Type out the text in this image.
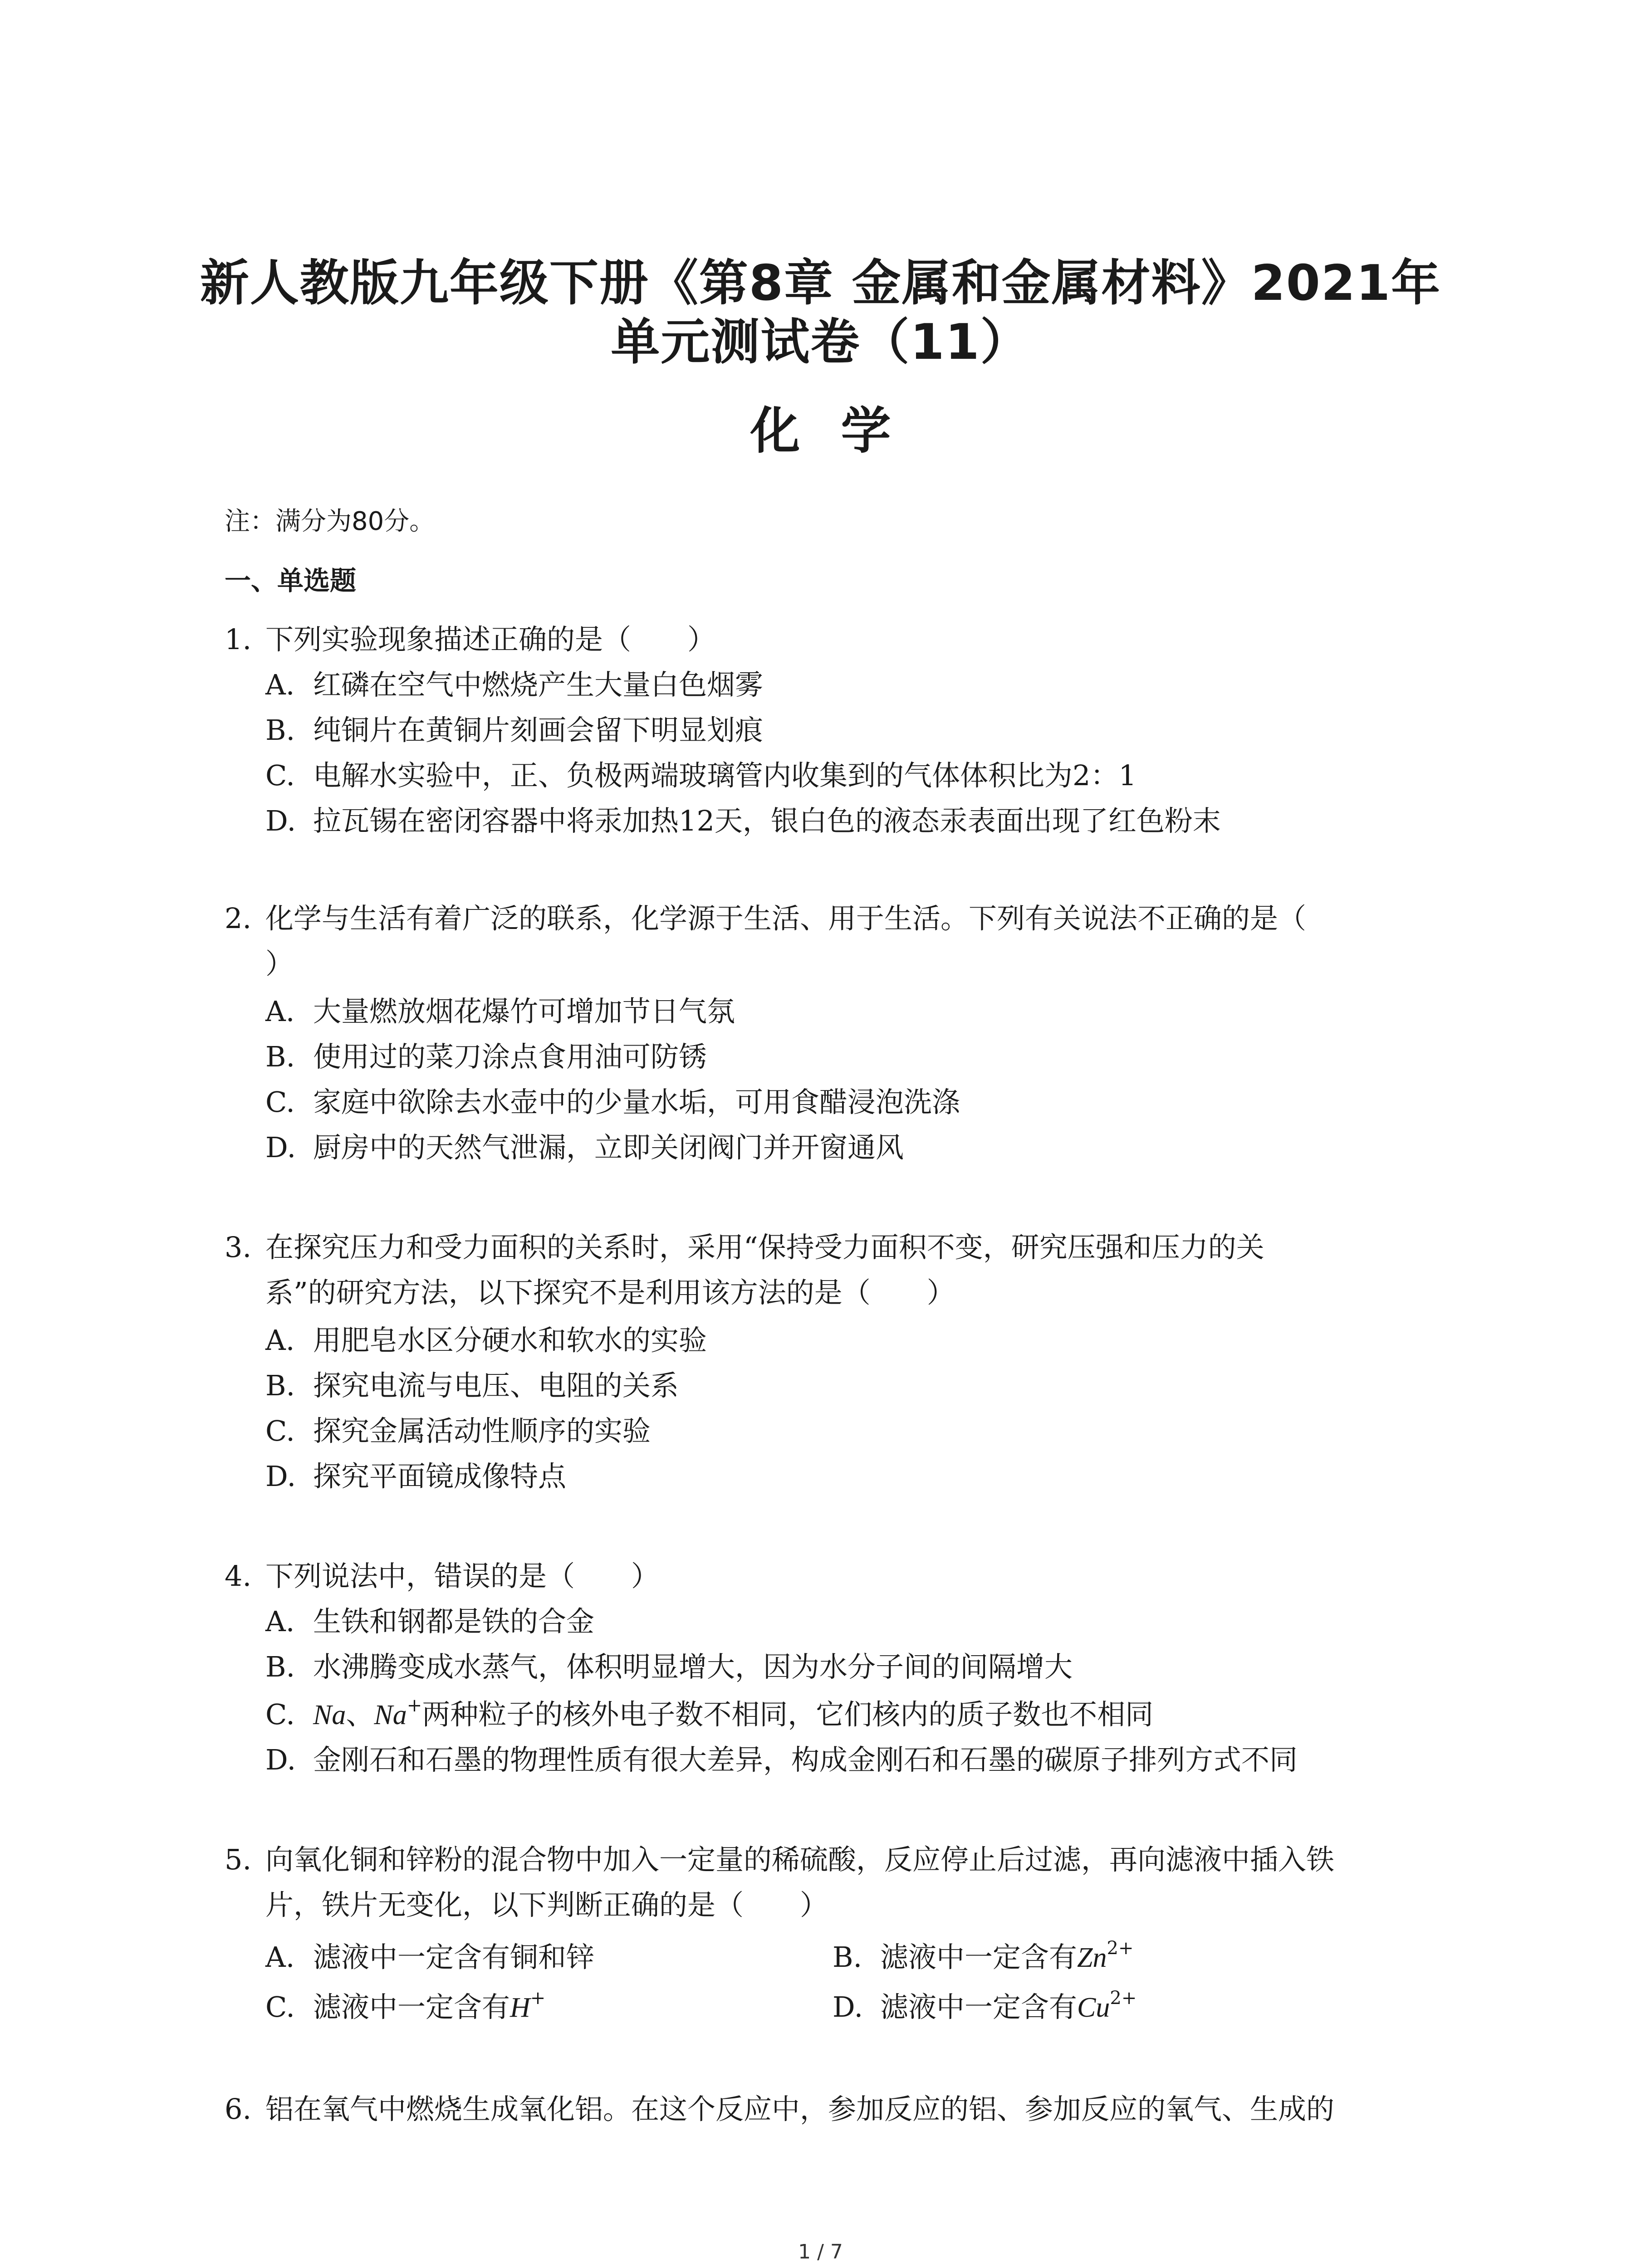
新人教版九年级下册《第8章 金属和金属材料》2021年
单元测试卷（11）
化学
注：满分为80分。
一、单选题
1. 下列实验现象描述正确的是（　　）
A. 红磷在空气中燃烧产生大量白色烟雾
B. 纯铜片在黄铜片刻画会留下明显划痕
C. 电解水实验中，正、负极两端玻璃管内收集到的气体体积比为2：1
D. 拉瓦锡在密闭容器中将汞加热12天，银白色的液态汞表面出现了红色粉末
2. 化学与生活有着广泛的联系，化学源于生活、用于生活。下列有关说法不正确的是（
）
A. 大量燃放烟花爆竹可增加节日气氛
B. 使用过的菜刀涂点食用油可防锈
C. 家庭中欲除去水壶中的少量水垢，可用食醋浸泡洗涤
D. 厨房中的天然气泄漏，立即关闭阀门并开窗通风
3. 在探究压力和受力面积的关系时，采用“保持受力面积不变，研究压强和压力的关
系”的研究方法，以下探究不是利用该方法的是（　　）
A. 用肥皂水区分硬水和软水的实验
B. 探究电流与电压、电阻的关系
C. 探究金属活动性顺序的实验
D. 探究平面镜成像特点
4. 下列说法中，错误的是（　　）
A. 生铁和钢都是铁的合金
B. 水沸腾变成水蒸气，体积明显增大，因为水分子间的间隔增大
C. Na、Na+两种粒子的核外电子数不相同，它们核内的质子数也不相同
D. 金刚石和石墨的物理性质有很大差异，构成金刚石和石墨的碳原子排列方式不同
5. 向氧化铜和锌粉的混合物中加入一定量的稀硫酸，反应停止后过滤，再向滤液中插入铁
片，铁片无变化，以下判断正确的是（　　）
A. 滤液中一定含有铜和锌	B. 滤液中一定含有$Zn^{2+}$
C. 滤液中一定含有H+	D. 滤液中一定含有$Cu^{2+}$
6. 铝在氧气中燃烧生成氧化铝。在这个反应中，参加反应的铝、参加反应的氧气、生成的
1 / 7
